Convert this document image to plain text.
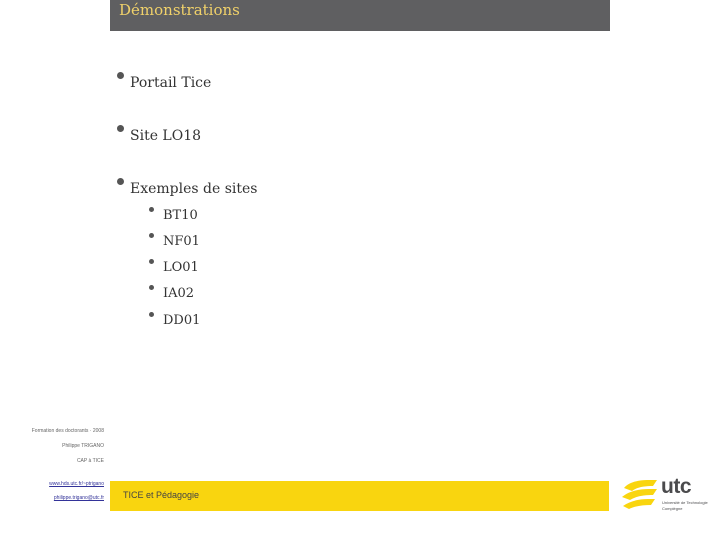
Démonstrations
Portail Tice
Site LO18
Exemples de sites
BT10
NF01
LO01
IA02
DD01
Formation des doctorants · 2008
Philippe TRIGANO
CAP à TICE
www.hds.utc.fr/~ptrigano
philippe.trigano@utc.fr TICE et Pédagogie	utc
Université de Technologie
Compiègne
